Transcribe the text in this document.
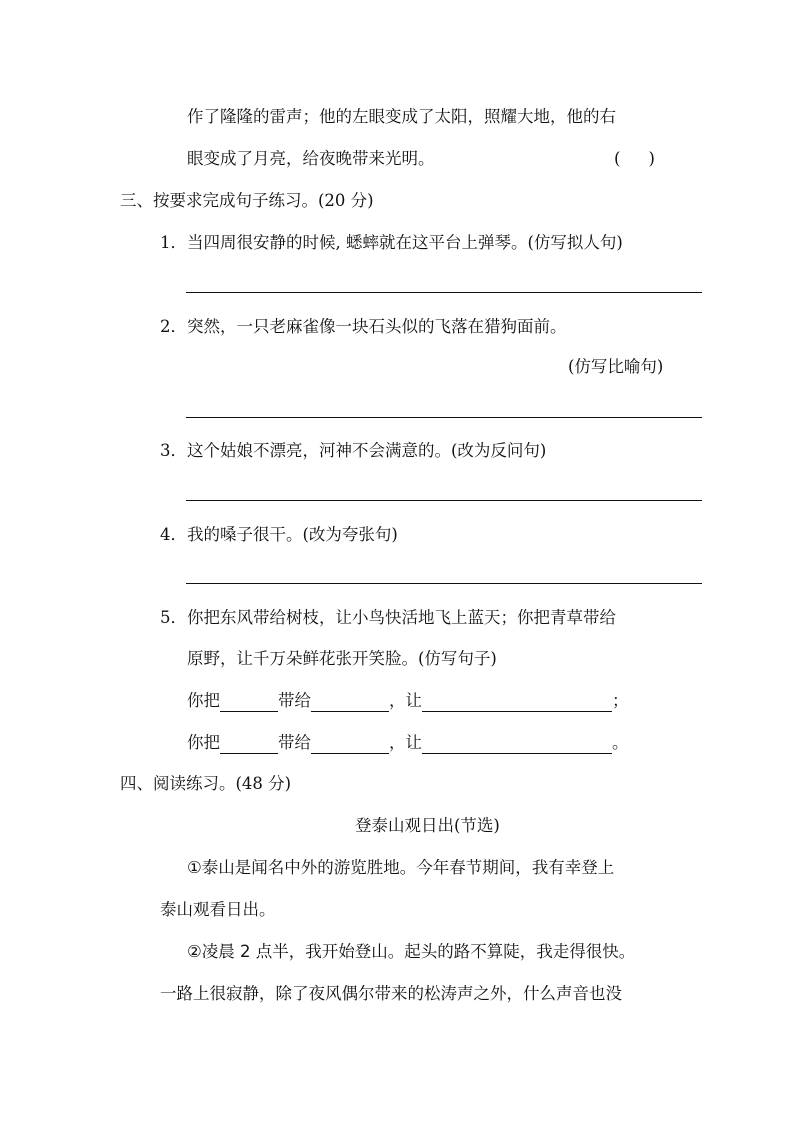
作了隆隆的雷声；他的左眼变成了太阳，照耀大地，他的右
眼变成了月亮，给夜晚带来光明。	( )
三、按要求完成句子练习。(20 分)
1．当四周很安静的时候, 蟋蟀就在这平台上弹琴。(仿写拟人句)
2．突然，一只老麻雀像一块石头似的飞落在猎狗面前。
(仿写比喻句)
3．这个姑娘不漂亮，河神不会满意的。(改为反问句)
4．我的嗓子很干。(改为夸张句)
5．你把东风带给树枝，让小鸟快活地飞上蓝天；你把青草带给
原野，让千万朵鲜花张开笑脸。(仿写句子)
你把	带给	，让	；
你把	带给	，让	。
四、阅读练习。(48 分)
登泰山观日出(节选)
①泰山是闻名中外的游览胜地。今年春节期间，我有幸登上
泰山观看日出。
②凌晨 2 点半，我开始登山。起头的路不算陡，我走得很快。
一路上很寂静，除了夜风偶尔带来的松涛声之外，什么声音也没
